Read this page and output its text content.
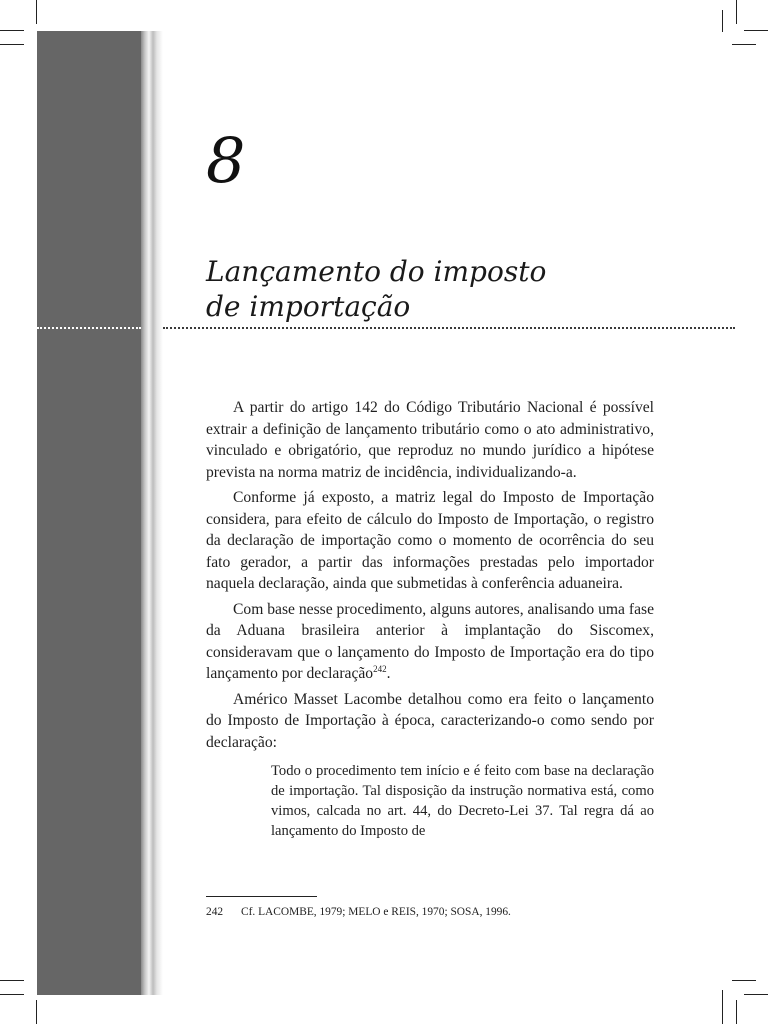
8
Lançamento do imposto
de importação

A partir do artigo 142 do Código Tributário Nacional é possível extrair a definição de lançamento tributário como o ato administrativo, vinculado e obrigatório, que reproduz no mundo jurídico a hipótese prevista na norma matriz de incidência, individualizando-a.

Conforme já exposto, a matriz legal do Imposto de Importação considera, para efeito de cálculo do Imposto de Importação, o registro da declaração de importação como o momento de ocorrência do seu fato gerador, a partir das informações prestadas pelo importador naquela declaração, ainda que submetidas à conferência aduaneira.

Com base nesse procedimento, alguns autores, analisando uma fase da Aduana brasileira anterior à implantação do Siscomex, consideravam que o lançamento do Imposto de Importação era do tipo lançamento por declaração$^{242}$.

Américo Masset Lacombe detalhou como era feito o lançamento do Imposto de Importação à época, caracterizando-o como sendo por declaração:

Todo o procedimento tem início e é feito com base na declaração de importação. Tal disposição da instrução normativa está, como vimos, calcada no art. 44, do Decreto-Lei 37. Tal regra dá ao lançamento do Imposto de
242 Cf. LACOMBE, 1979; MELO e REIS, 1970; SOSA, 1996.
